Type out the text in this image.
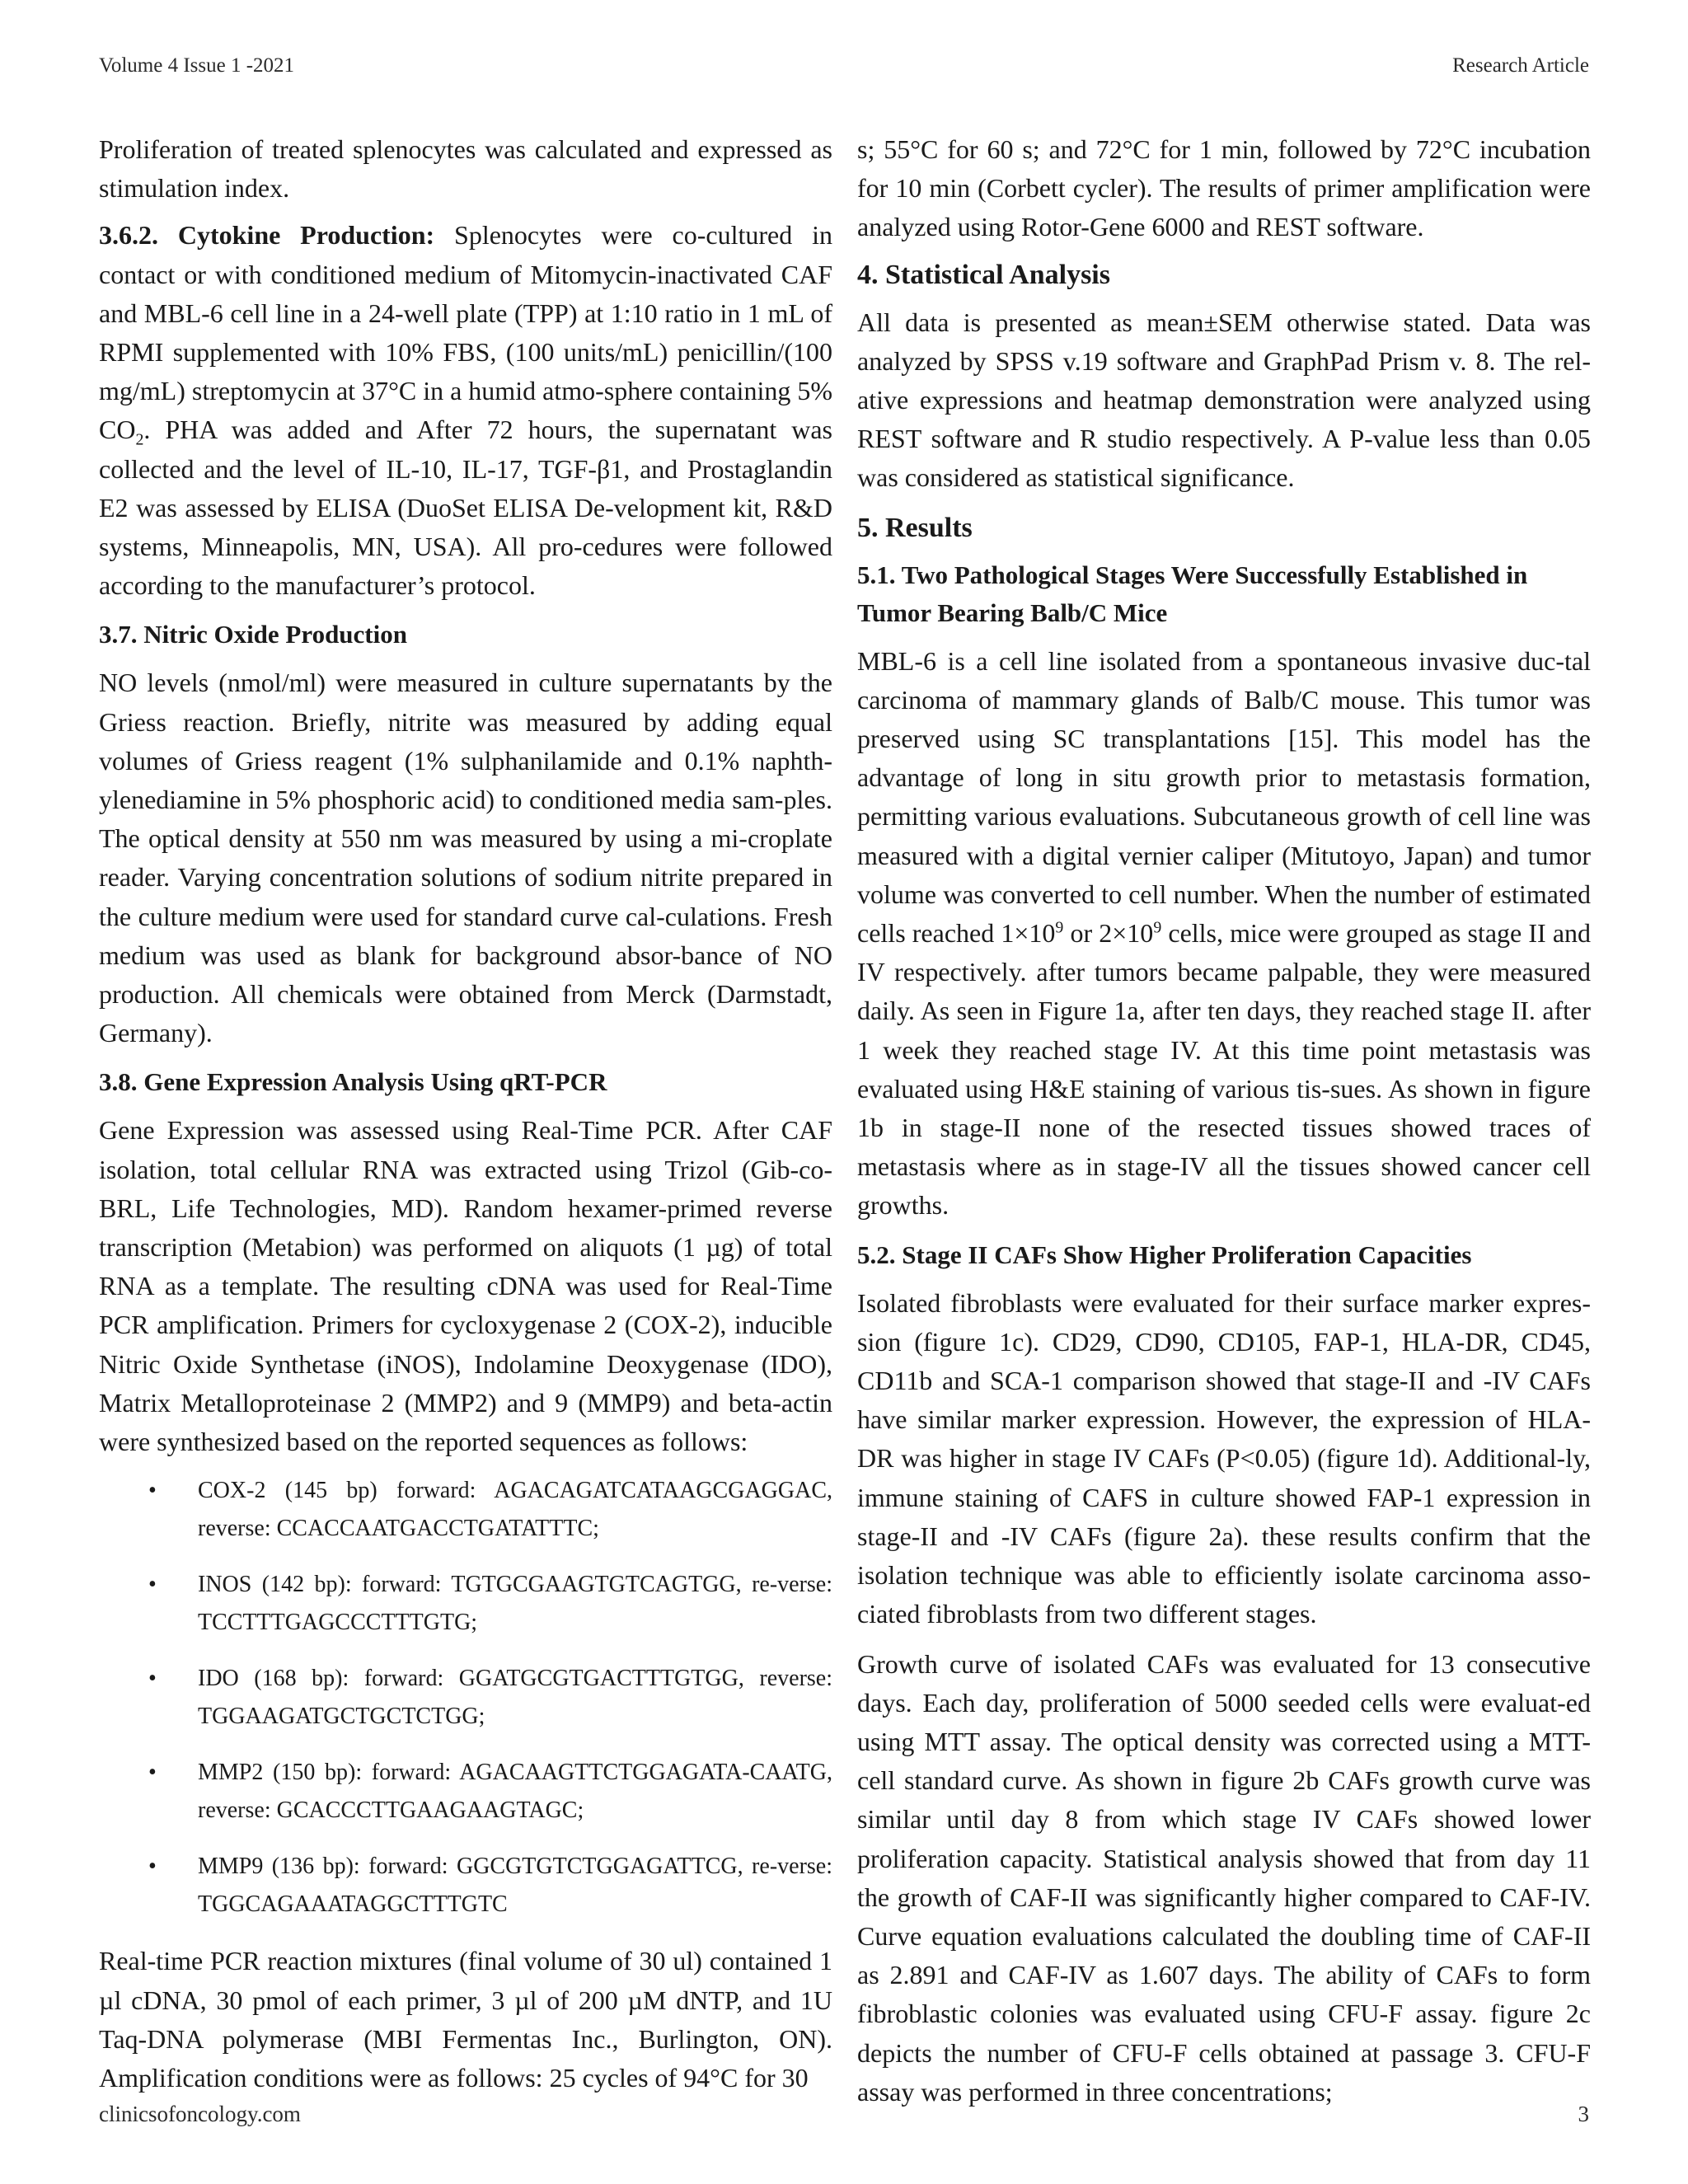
Volume 4 Issue 1 -2021	Research Article

Proliferation of treated splenocytes was calculated and expressed as stimulation index.

3.6.2. Cytokine Production: Splenocytes were co-cultured in contact or with conditioned medium of Mitomycin-inactivated CAF and MBL-6 cell line in a 24-well plate (TPP) at 1:10 ratio in 1 mL of RPMI supplemented with 10% FBS, (100 units/mL) penicillin/(100 mg/mL) streptomycin at 37°C in a humid atmo-sphere containing 5% $CO_2$. PHA was added and After 72 hours, the supernatant was collected and the level of IL-10, IL-17, TGF-β1, and Prostaglandin E2 was assessed by ELISA (DuoSet ELISA De-velopment kit, R&D systems, Minneapolis, MN, USA). All pro-cedures were followed according to the manufacturer’s protocol.

3.7. Nitric Oxide Production

NO levels (nmol/ml) were measured in culture supernatants by the Griess reaction. Briefly, nitrite was measured by adding equal volumes of Griess reagent (1% sulphanilamide and 0.1% naphth-ylenediamine in 5% phosphoric acid) to conditioned media sam-ples. The optical density at 550 nm was measured by using a mi-croplate reader. Varying concentration solutions of sodium nitrite prepared in the culture medium were used for standard curve cal-culations. Fresh medium was used as blank for background absor-bance of NO production. All chemicals were obtained from Merck (Darmstadt, Germany).

3.8. Gene Expression Analysis Using qRT-PCR

Gene Expression was assessed using Real-Time PCR. After CAF isolation, total cellular RNA was extracted using Trizol (Gib-co-BRL, Life Technologies, MD). Random hexamer-primed reverse transcription (Metabion) was performed on aliquots (1 µg) of total RNA as a template. The resulting cDNA was used for Real-Time PCR amplification. Primers for cycloxygenase 2 (COX-2), inducible Nitric Oxide Synthetase (iNOS), Indolamine Deoxygenase (IDO), Matrix Metalloproteinase 2 (MMP2) and 9 (MMP9) and beta-actin were synthesized based on the reported sequences as follows:

• COX-2 (145 bp) forward: AGACAGATCATAAGCGAGGAC, reverse: CCACCAATGACCTGATATTTC;
• INOS (142 bp): forward: TGTGCGAAGTGTCAGTGG, re-verse: TCCTTTGAGCCCTTTGTG;
• IDO (168 bp): forward: GGATGCGTGACTTTGTGG, reverse: TGGAAGATGCTGCTCTGG;
• MMP2 (150 bp): forward: AGACAAGTTCTGGAGATA-CAATG, reverse: GCACCCTTGAAGAAGTAGC;
• MMP9 (136 bp): forward: GGCGTGTCTGGAGATTCG, re-verse: TGGCAGAAATAGGCTTTGTC

Real-time PCR reaction mixtures (final volume of 30 ul) contained 1 µl cDNA, 30 pmol of each primer, 3 µl of 200 µM dNTP, and 1U Taq-DNA polymerase (MBI Fermentas Inc., Burlington, ON). Amplification conditions were as follows: 25 cycles of 94°C for 30

s; 55°C for 60 s; and 72°C for 1 min, followed by 72°C incubation for 10 min (Corbett cycler). The results of primer amplification were analyzed using Rotor-Gene 6000 and REST software.

4. Statistical Analysis

All data is presented as mean±SEM otherwise stated. Data was analyzed by SPSS v.19 software and GraphPad Prism v. 8. The rel-ative expressions and heatmap demonstration were analyzed using REST software and R studio respectively. A P-value less than 0.05 was considered as statistical significance.

5. Results
5.1. Two Pathological Stages Were Successfully Established in Tumor Bearing Balb/C Mice

MBL-6 is a cell line isolated from a spontaneous invasive duc-tal carcinoma of mammary glands of Balb/C mouse. This tumor was preserved using SC transplantations [15]. This model has the advantage of long in situ growth prior to metastasis formation, permitting various evaluations. Subcutaneous growth of cell line was measured with a digital vernier caliper (Mitutoyo, Japan) and tumor volume was converted to cell number. When the number of estimated cells reached $1\times 10^9$ or $2\times 10^9$ cells, mice were grouped as stage II and IV respectively. after tumors became palpable, they were measured daily. As seen in Figure 1a, after ten days, they reached stage II. after 1 week they reached stage IV. At this time point metastasis was evaluated using H&E staining of various tis-sues. As shown in figure 1b in stage-II none of the resected tissues showed traces of metastasis where as in stage-IV all the tissues showed cancer cell growths.

5.2. Stage II CAFs Show Higher Proliferation Capacities

Isolated fibroblasts were evaluated for their surface marker expres-sion (figure 1c). CD29, CD90, CD105, FAP-1, HLA-DR, CD45, CD11b and SCA-1 comparison showed that stage-II and -IV CAFs have similar marker expression. However, the expression of HLA-DR was higher in stage IV CAFs (P<0.05) (figure 1d). Additional-ly, immune staining of CAFS in culture showed FAP-1 expression in stage-II and -IV CAFs (figure 2a). these results confirm that the isolation technique was able to efficiently isolate carcinoma asso-ciated fibroblasts from two different stages.

Growth curve of isolated CAFs was evaluated for 13 consecutive days. Each day, proliferation of 5000 seeded cells were evaluat-ed using MTT assay. The optical density was corrected using a MTT-cell standard curve. As shown in figure 2b CAFs growth curve was similar until day 8 from which stage IV CAFs showed lower proliferation capacity. Statistical analysis showed that from day 11 the growth of CAF-II was significantly higher compared to CAF-IV. Curve equation evaluations calculated the doubling time of CAF-II as 2.891 and CAF-IV as 1.607 days. The ability of CAFs to form fibroblastic colonies was evaluated using CFU-F assay. figure 2c depicts the number of CFU-F cells obtained at passage 3. CFU-F assay was performed in three concentrations;

clinicsofoncology.com	3
